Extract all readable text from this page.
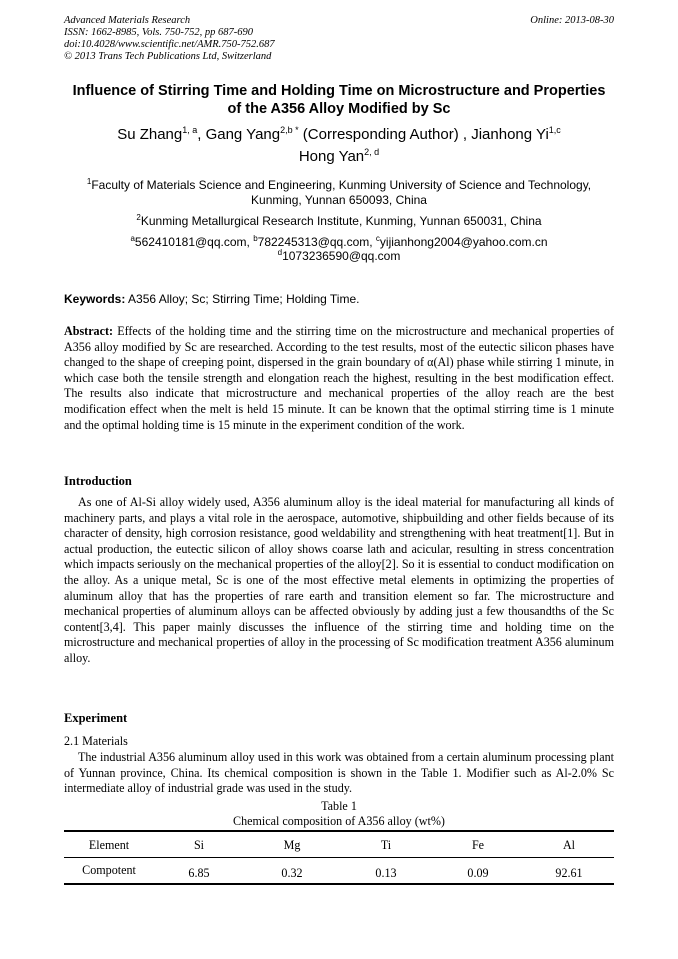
Advanced Materials Research
ISSN: 1662-8985, Vols. 750-752, pp 687-690
doi:10.4028/www.scientific.net/AMR.750-752.687
© 2013 Trans Tech Publications Ltd, Switzerland
Online: 2013-08-30
Influence of Stirring Time and Holding Time on Microstructure and Properties of the A356 Alloy Modified by Sc
Su Zhang$^{1, a}$, Gang Yang$^{2,b *}$ (Corresponding Author) , Jianhong Yi$^{1,c}$
Hong Yan$^{2, d}$
$^1$Faculty of Materials Science and Engineering, Kunming University of Science and Technology, Kunming, Yunnan 650093, China
$^2$Kunming Metallurgical Research Institute, Kunming, Yunnan 650031, China
$^a$562410181@qq.com, $^b$782245313@qq.com, $^c$yijianhong2004@yahoo.com.cn
$^d$1073236590@qq.com
Keywords: A356 Alloy; Sc; Stirring Time; Holding Time.
Abstract: Effects of the holding time and the stirring time on the microstructure and mechanical properties of A356 alloy modified by Sc are researched. According to the test results, most of the eutectic silicon phases have changed to the shape of creeping point, dispersed in the grain boundary of α(Al) phase while stirring 1 minute, in which case both the tensile strength and elongation reach the highest, resulting in the best modification effect. The results also indicate that microstructure and mechanical properties of the alloy reach are the best modification effect when the melt is held 15 minute. It can be known that the optimal stirring time is 1 minute and the optimal holding time is 15 minute in the experiment condition of the work.
Introduction
As one of Al-Si alloy widely used, A356 aluminum alloy is the ideal material for manufacturing all kinds of machinery parts, and plays a vital role in the aerospace, automotive, shipbuilding and other fields because of its character of density, high corrosion resistance, good weldability and strengthening with heat treatment[1]. But in actual production, the eutectic silicon of alloy shows coarse lath and acicular, resulting in stress concentration which impacts seriously on the mechanical properties of the alloy[2]. So it is essential to conduct modification on the alloy. As a unique metal, Sc is one of the most effective metal elements in optimizing the properties of aluminum alloy that has the properties of rare earth and transition element so far. The microstructure and mechanical properties of aluminum alloys can be affected obviously by adding just a few thousandths of the Sc content[3,4]. This paper mainly discusses the influence of the stirring time and holding time on the microstructure and mechanical properties of alloy in the processing of Sc modification treatment A356 aluminum alloy.
Experiment
2.1 Materials
The industrial A356 aluminum alloy used in this work was obtained from a certain aluminum processing plant of Yunnan province, China. Its chemical composition is shown in the Table 1. Modifier such as Al-2.0% Sc intermediate alloy of industrial grade was used in the study.
Table 1
Chemical composition of A356 alloy (wt%)
Element	Si	Mg	Ti	Fe	Al
Compotent	6.85	0.32	0.13	0.09	92.61
